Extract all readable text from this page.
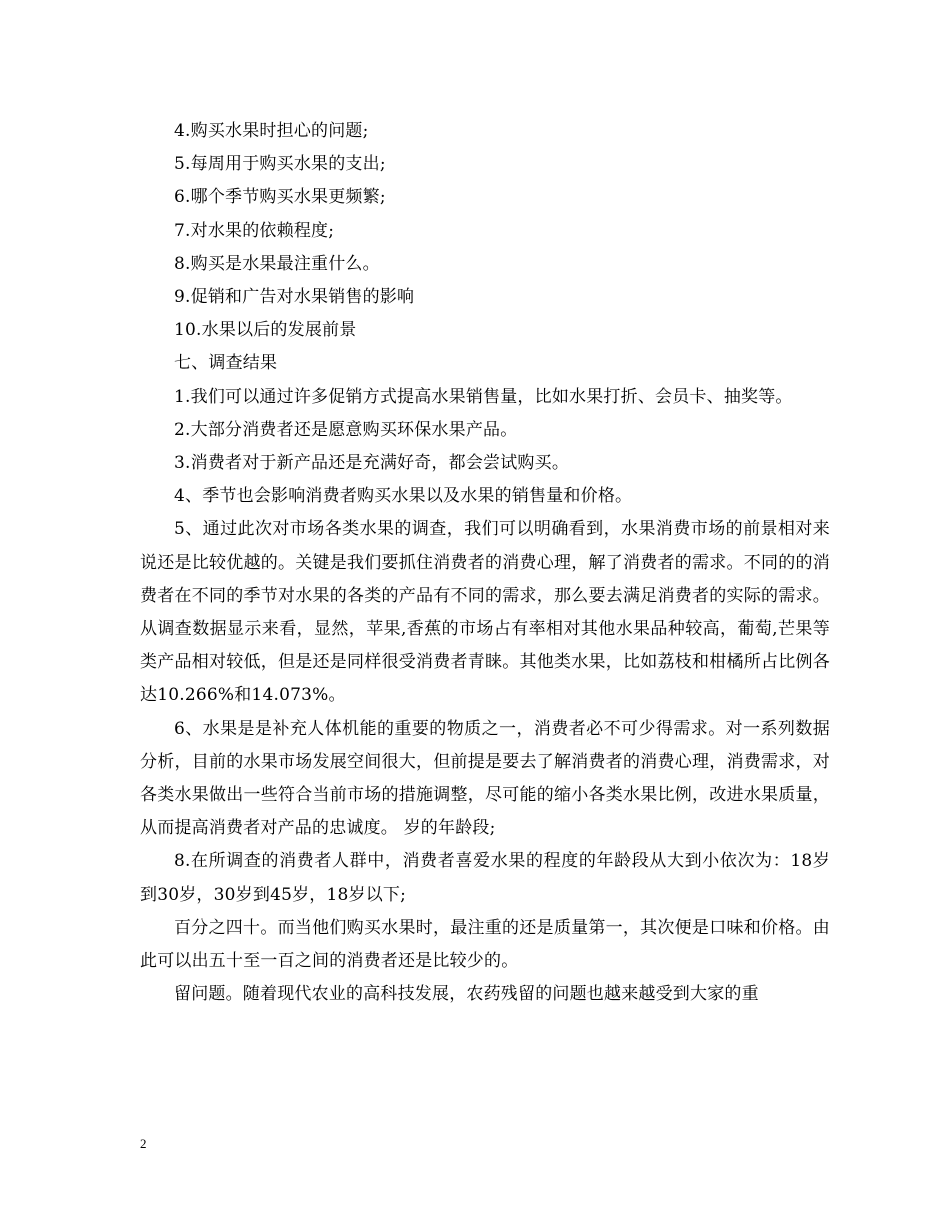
4.购买水果时担心的问题;

5.每周用于购买水果的支出;

6.哪个季节购买水果更频繁;

7.对水果的依赖程度;

8.购买是水果最注重什么。

9.促销和广告对水果销售的影响

10.水果以后的发展前景

七、调查结果

1.我们可以通过许多促销方式提高水果销售量，比如水果打折、会员卡、抽奖等。

2.大部分消费者还是愿意购买环保水果产品。

3.消费者对于新产品还是充满好奇，都会尝试购买。

4、季节也会影响消费者购买水果以及水果的销售量和价格。

5、通过此次对市场各类水果的调查，我们可以明确看到，水果消费市场的前景相对来说还是比较优越的。关键是我们要抓住消费者的消费心理，解了消费者的需求。不同的的消费者在不同的季节对水果的各类的产品有不同的需求，那么要去满足消费者的实际的需求。从调查数据显示来看，显然，苹果,香蕉的市场占有率相对其他水果品种较高，葡萄,芒果等类产品相对较低，但是还是同样很受消费者青睐。其他类水果，比如荔枝和柑橘所占比例各达10.266%和14.073%。

6、水果是是补充人体机能的重要的物质之一，消费者必不可少得需求。对一系列数据分析，目前的水果市场发展空间很大，但前提是要去了解消费者的消费心理，消费需求，对各类水果做出一些符合当前市场的措施调整，尽可能的缩小各类水果比例，改进水果质量，从而提高消费者对产品的忠诚度。 岁的年龄段;

8.在所调查的消费者人群中，消费者喜爱水果的程度的年龄段从大到小依次为：18岁到30岁，30岁到45岁，18岁以下;

百分之四十。而当他们购买水果时，最注重的还是质量第一，其次便是口味和价格。由此可以出五十至一百之间的消费者还是比较少的。

留问题。随着现代农业的高科技发展，农药残留的问题也越来越受到大家的重

2
